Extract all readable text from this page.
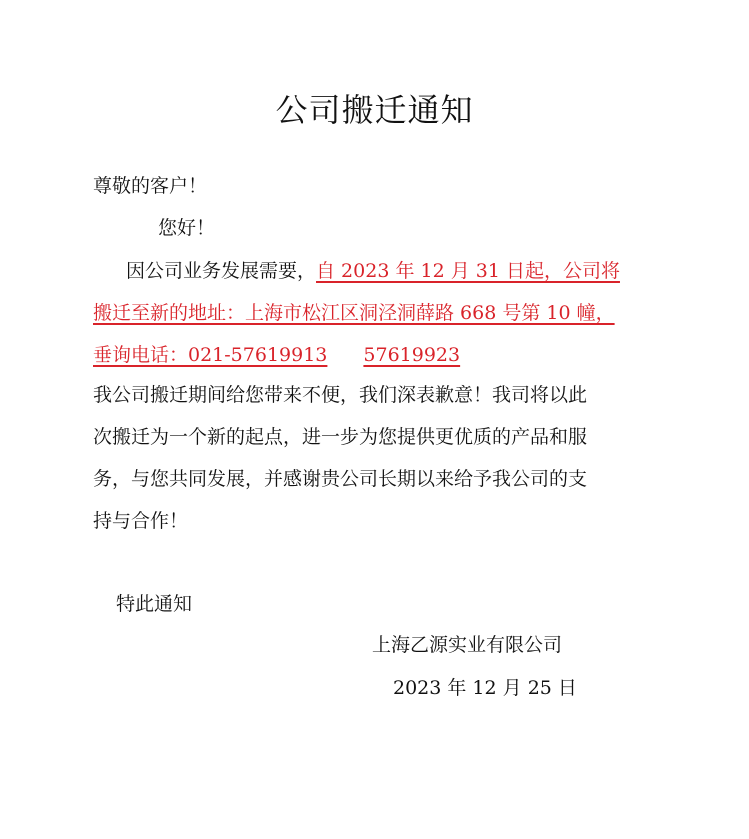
公司搬迁通知
尊敬的客户！
您好！
因公司业务发展需要，自 2023 年 12 月 31 日起，公司将
搬迁至新的地址：上海市松江区洞泾洞薛路 668 号第 10 幢，
垂询电话：021-57619913 57619923
我公司搬迁期间给您带来不便，我们深表歉意！我司将以此
次搬迁为一个新的起点，进一步为您提供更优质的产品和服
务，与您共同发展，并感谢贵公司长期以来给予我公司的支
持与合作！
特此通知
上海乙源实业有限公司
2023 年 12 月 25 日
